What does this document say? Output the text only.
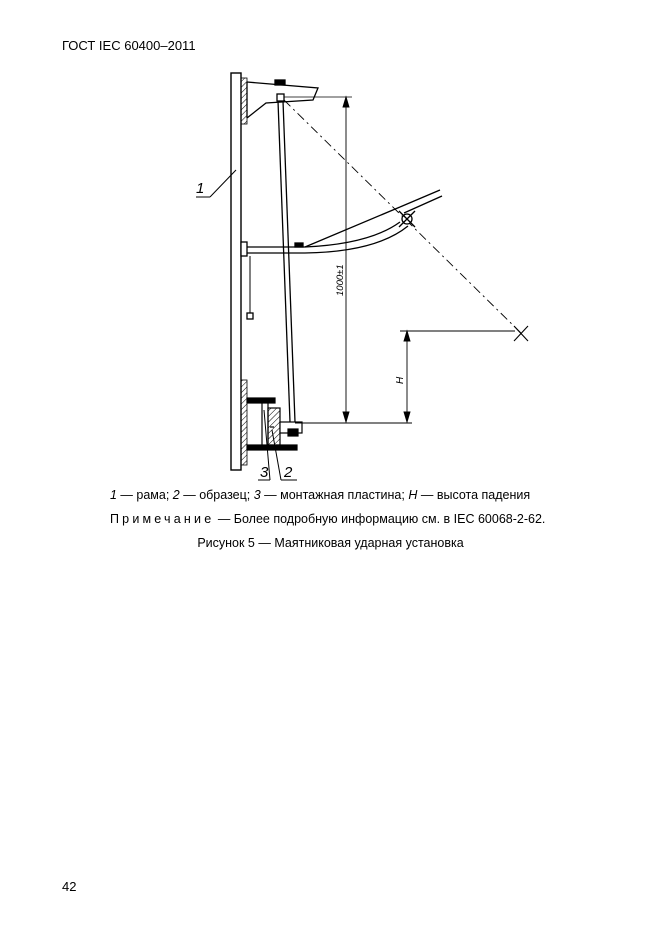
ГОСТ IEC 60400–2011
1000±1
H
1
3 2
1 — рама; 2 — образец; 3 — монтажная пластина; H — высота падения
Примечание — Более подробную информацию см. в IEC 60068-2-62.
Рисунок 5 — Маятниковая ударная установка
42
